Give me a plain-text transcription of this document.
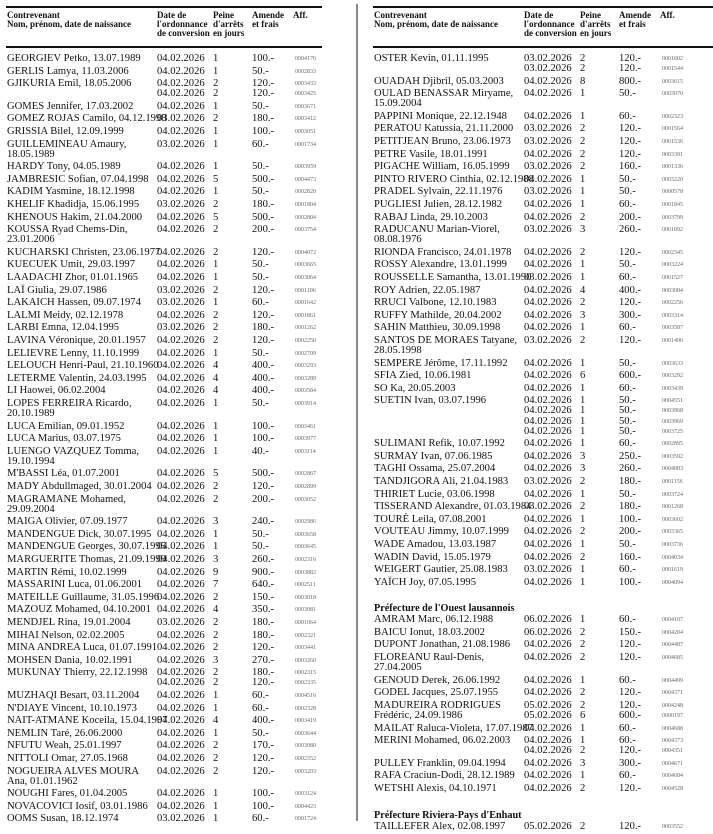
Contrevenant
Nom, prénom, date de naissance
Date de
l'ordonnance
de conversion
Peine
d'arrêts
en jours
Amende
et frais
Aff.
GEORGIEV Petko, 13.07.1989	04.02.2026 1	100.-	0004176
GERLIS Lamya, 11.03.2006	04.02.2026 1	50.-	0002833
GJIKURIA Emil, 18.05.2006	04.02.2026 2	120.-	0003433
04.02.2026 2	120.-	0003425
GOMES Jennifer, 17.03.2002	04.02.2026 1	50.-	0003671
GOMEZ ROJAS Camilo, 04.12.1998
03.02.2026 2	180.-	0003412
GRISSIA Bilel, 12.09.1999	04.02.2026 1	100.-	0003051
GUILLEMINEAU Amaury,
18.05.1989
03.02.2026 1	60.-	0001734
HARDY Tony, 04.05.1989	04.02.2026 1	50.-	0003959
JAMBRESIC Sofian, 07.04.1998 04.02.2026 5	500.-	0004473
KADIM Yasmine, 18.12.1998	04.02.2026 1	50.-	0002820
KHELIF Khadidja, 15.06.1995	03.02.2026 2	180.-	0001804
KHENOUS Hakim, 21.04.2000	04.02.2026 5	500.-	0002804
KOUSSA Ryad Chems-Din,
23.01.2006
04.02.2026 2	200.-	0003754
KUCHARSKI Christen, 23.06.1977
04.02.2026 2	120.-	0004072
KUECUEK Umit, 29.03.1997	04.02.2026 1	50.-	0003665
LAADACHI Zhor, 01.01.1965	04.02.2026 1	50.-	0003064
LAÏ Giulia, 29.07.1986	03.02.2026 2	120.-	0001106
LAKAICH Hassen, 09.07.1974	03.02.2026 1	60.-	0001642
LALMI Meidy, 02.12.1978	04.02.2026 2	120.-	0001861
LARBI Emna, 12.04.1995	03.02.2026 2	180.-	0001262
LAVINA Véronique, 20.01.1957	04.02.2026 2	120.-	0002250
LELIEVRE Lenny, 11.10.1999	04.02.2026 1	50.-	0002709
LELOUCH Henri-Paul, 21.10.1960
04.02.2026 4	400.-	0003293
LETERME Valentin, 24.03.1995 04.02.2026 4	400.-	0003289
LI Haowei, 06.02.2004	04.02.2026 4	400.-	0003584
LOPES FERREIRA Ricardo,
20.10.1989
04.02.2026 1	50.-	0003914
LUCA Emilian, 09.01.1952	04.02.2026 1	100.-	0003461
LUCA Marius, 03.07.1975	04.02.2026 1	100.-	0003977
LUENGO VAZQUEZ Tomma,
19.10.1994
04.02.2026 1	40.-	0003114
M'BASSI Léa, 01.07.2001	04.02.2026 5	500.-	0002867
MADY Abdullmaged, 30.01.2004 04.02.2026 2	120.-	0002899
MAGRAMANE Mohamed,
29.09.2004
04.02.2026 2	200.-	0003052
MAIGA Olivier, 07.09.1977	04.02.2026 3	240.-	0002986
MANDENGUE Dick, 30.07.1995 04.02.2026 1	50.-	0003658
MANDENGUE Georges, 30.07.1995
04.02.2026 1	50.-	0003645
MARGUERITE Thomas, 21.09.1999
04.02.2026 3	260.-	0002316
MARTIN Rémi, 10.02.1999	04.02.2026 9	900.-	0003882
MASSARINI Luca, 01.06.2001	04.02.2026 7	640.-	0002511
MATEILLE Guillaume, 31.05.1996
04.02.2026 2	150.-	0003018
MAZOUZ Mohamed, 04.10.2001 04.02.2026 4	350.-	0003081
MENDJEL Rina, 19.01.2004	03.02.2026 2	180.-	0001064
MIHAI Nelson, 02.02.2005	04.02.2026 2	180.-	0002321
MINA ANDREA Luca, 01.07.1991 04.02.2026 2	120.-	0003441
MOHSEN Dania, 10.02.1991	04.02.2026 3	270.-	0003260
MUKUNAY Thierry, 22.12.1998 04.02.2026 2	180.-	0002315
04.02.2026 2	120.-	0002335
MUZHAQI Besart, 03.11.2004	04.02.2026 1	60.-	0004516
N'DIAYE Vincent, 10.10.1973	04.02.2026 1	60.-	0002328
NAIT-ATMANE Koceila, 15.04.1997
04.02.2026 4	400.-	0003419
NEMLIN Taré, 26.06.2000	04.02.2026 1	50.-	0003644
NFUTU Weah, 25.01.1997	04.02.2026 2	170.-	0003080
NITTOLI Omar, 27.05.1968	04.02.2026 2	120.-	0002352
NOGUEIRA ALVES MOURA
Ana, 01.01.1962
04.02.2026 2	120.-	0003203
NOUGHI Fares, 01.04.2005	04.02.2026 1	100.-	0003124
NOVACOVICI Iosif, 03.01.1986 04.02.2026 1	100.-	0004423
OOMS Susan, 18.12.1974	03.02.2026 1	60.-	0001724
Contrevenant
Nom, prénom, date de naissance
Date de
l'ordonnance
de conversion
Peine
d'arrêts
en jours
Amende
et frais
Aff.
OSTER Kevin, 01.11.1995	03.02.2026 2	120.-	0001602
03.02.2026 2	120.-	0001544
OUADAH Djibril, 05.03.2003	04.02.2026 8	800.-	0003615
OULAD BENASSAR Miryame,
15.09.2004
04.02.2026 1	50.-	0003070
PAPPINI Monique, 22.12.1948	04.02.2026 1	60.-	0002323
PERATOU Katussia, 21.11.2000	03.02.2026 2	120.-	0001564
PETITJEAN Bruno, 23.06.1973	03.02.2026 2	120.-	0001536
PETRE Vasile, 18.01.1991	04.02.2026 2	120.-	0003391
PIGACHE William, 16.05.1999	03.02.2026 2	160.-	0001336
PINTO RIVERO Cinthia, 02.12.1988
04.02.2026 1	50.-	0003220
PRADEL Sylvain, 22.11.1976	03.02.2026 1	50.-	0000578
PUGLIESI Julien, 28.12.1982	04.02.2026 1	60.-	0001845
RABAJ Linda, 29.10.2003	04.02.2026 2	200.-	0003799
RADUCANU Marian-Viorel,
08.08.1976
03.02.2026 3	260.-	0001092
RIONDA Francisco, 24.01.1978	04.02.2026 2	120.-	0002345
ROSSY Alexandre, 13.01.1999	04.02.2026 1	50.-	0003224
ROUSSELLE Samantha, 13.01.1990
03.02.2026 1	60.-	0001527
ROY Adrien, 22.05.1987	04.02.2026 4	400.-	0003084
RRUCI Valbone, 12.10.1983	04.02.2026 2	120.-	0002256
RUFFY Mathilde, 20.04.2002	04.02.2026 3	300.-	0003314
SAHIN Matthieu, 30.09.1998	04.02.2026 1	60.-	0003587
SANTOS DE MORAES Tatyane,
28.05.1998
03.02.2026 2	120.-	0001496
SEMPERE Jérôme, 17.11.1992	04.02.2026 1	50.-	0003633
SFIA Zied, 10.06.1981	04.02.2026 6	600.-	0003292
SO Ka, 20.05.2003	04.02.2026 1	60.-	0003439
SUETIN Ivan, 03.07.1996	04.02.2026 1	50.-	0004551
04.02.2026 1	50.-	0003968
04.02.2026 1	50.-	0003969
04.02.2026 1	50.-	0003725
SULIMANI Refik, 10.07.1992	04.02.2026 1	60.-	0002895
SURMAY Ivan, 07.06.1985	04.02.2026 3	250.-	0003592
TAGHI Ossama, 25.07.2004	04.02.2026 3	260.-	0004083
TANDJIGORA Ali, 21.04.1983	03.02.2026 2	180.-	0001156
THIRIET Lucie, 03.06.1998	04.02.2026 1	50.-	0003724
TISSERAND Alexandre, 01.03.1984
03.02.2026 2	180.-	0001268
TOURÉ Leila, 07.08.2001	04.02.2026 1	100.-	0003602
VOUTEAU Jimmy, 10.07.1999	04.02.2026 2	200.-	0003365
WADE Amadou, 13.03.1987	04.02.2026 1	50.-	0003736
WADIN David, 15.05.1979	04.02.2026 2	160.-	0004034
WEIGERT Gautier, 25.08.1983	03.02.2026 1	60.-	0001619
YAÏCH Joy, 07.05.1995	04.02.2026 1	100.-	0004094
Préfecture de l'Ouest lausannois
AMRAM Marc, 06.12.1988	06.02.2026 1	60.-	0004107
BAICU Ionut, 18.03.2002	06.02.2026 2	150.-	0004204
DUPONT Jonathan, 21.08.1986	04.02.2026 2	120.-	0004487
FLOREANU Raul-Denis,
27.04.2005
04.02.2026 2	120.-	0004685
GENOUD Derek, 26.06.1992	04.02.2026 1	60.-	0004499
GODEL Jacques, 25.07.1955	04.02.2026 2	120.-	0004371
MADUREIRA RODRIGUES
Frédéric, 24.09.1986
05.02.2026 2	120.-	0004248
05.02.2026 6	600.-	0000197
MAILAT Raluca-Violeta, 17.07.1987
04.02.2026 1	60.-	0004688
MERINI Mohamed, 06.02.2003	04.02.2026 1	60.-	0004373
04.02.2026 2	120.-	0004351
PULLEY Franklin, 09.04.1994	04.02.2026 3	300.-	0004671
RAFA Craciun-Dodi, 28.12.1989 04.02.2026 1	60.-	0004684
WETSHI Alexis, 04.10.1971	04.02.2026 2	120.-	0004528
Préfecture Riviera-Pays d'Enhaut
TAILLEFER Alex, 02.08.1997	05.02.2026 2	120.-	0003552
